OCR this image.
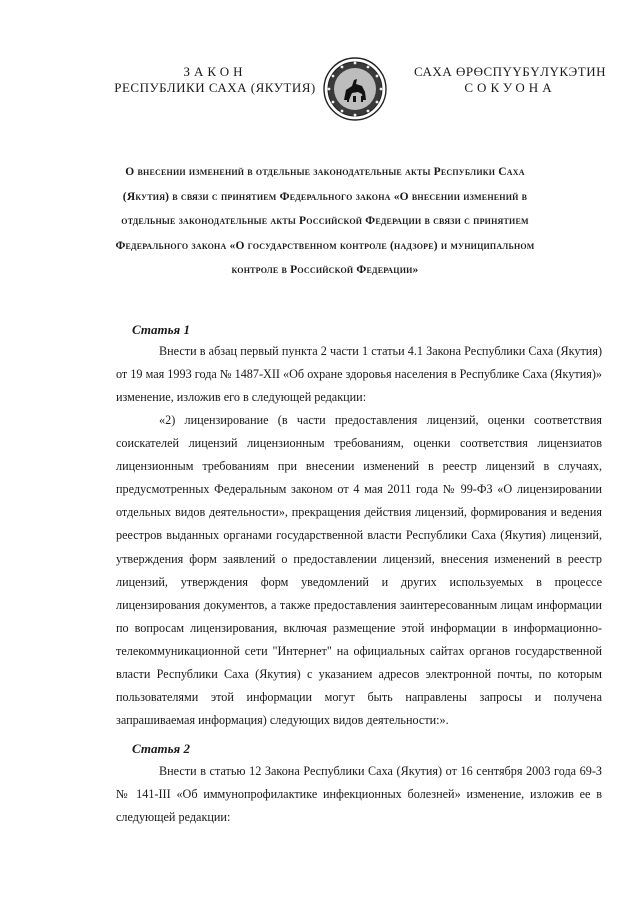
ЗАКОН
РЕСПУБЛИКИ САХА (ЯКУТИЯ)
САХА ӨРӨСПҮҮБҮЛҮКЭТИН
СОКУОНА
О внесении изменений в отдельные законодательные акты Республики Саха (Якутия) в связи с принятием Федерального закона «О внесении изменений в отдельные законодательные акты Российской Федерации в связи с принятием Федерального закона «О государственном контроле (надзоре) и муниципальном контроле в Российской Федерации»
Статья 1
Внести в абзац первый пункта 2 части 1 статьи 4.1 Закона Республики Саха (Якутия) от 19 мая 1993 года № 1487-XII «Об охране здоровья населения в Республике Саха (Якутия)» изменение, изложив его в следующей редакции:
«2) лицензирование (в части предоставления лицензий, оценки соответствия соискателей лицензий лицензионным требованиям, оценки соответствия лицензиатов лицензионным требованиям при внесении изменений в реестр лицензий в случаях, предусмотренных Федеральным законом от 4 мая 2011 года № 99-ФЗ «О лицензировании отдельных видов деятельности», прекращения действия лицензий, формирования и ведения реестров выданных органами государственной власти Республики Саха (Якутия) лицензий, утверждения форм заявлений о предоставлении лицензий, внесения изменений в реестр лицензий, утверждения форм уведомлений и других используемых в процессе лицензирования документов, а также предоставления заинтересованным лицам информации по вопросам лицензирования, включая размещение этой информации в информационно-телекоммуникационной сети "Интернет" на официальных сайтах органов государственной власти Республики Саха (Якутия) с указанием адресов электронной почты, по которым пользователями этой информации могут быть направлены запросы и получена запрашиваемая информация) следующих видов деятельности:».
Статья 2
Внести в статью 12 Закона Республики Саха (Якутия) от 16 сентября 2003 года 69-З № 141-III «Об иммунопрофилактике инфекционных болезней» изменение, изложив ее в следующей редакции:
